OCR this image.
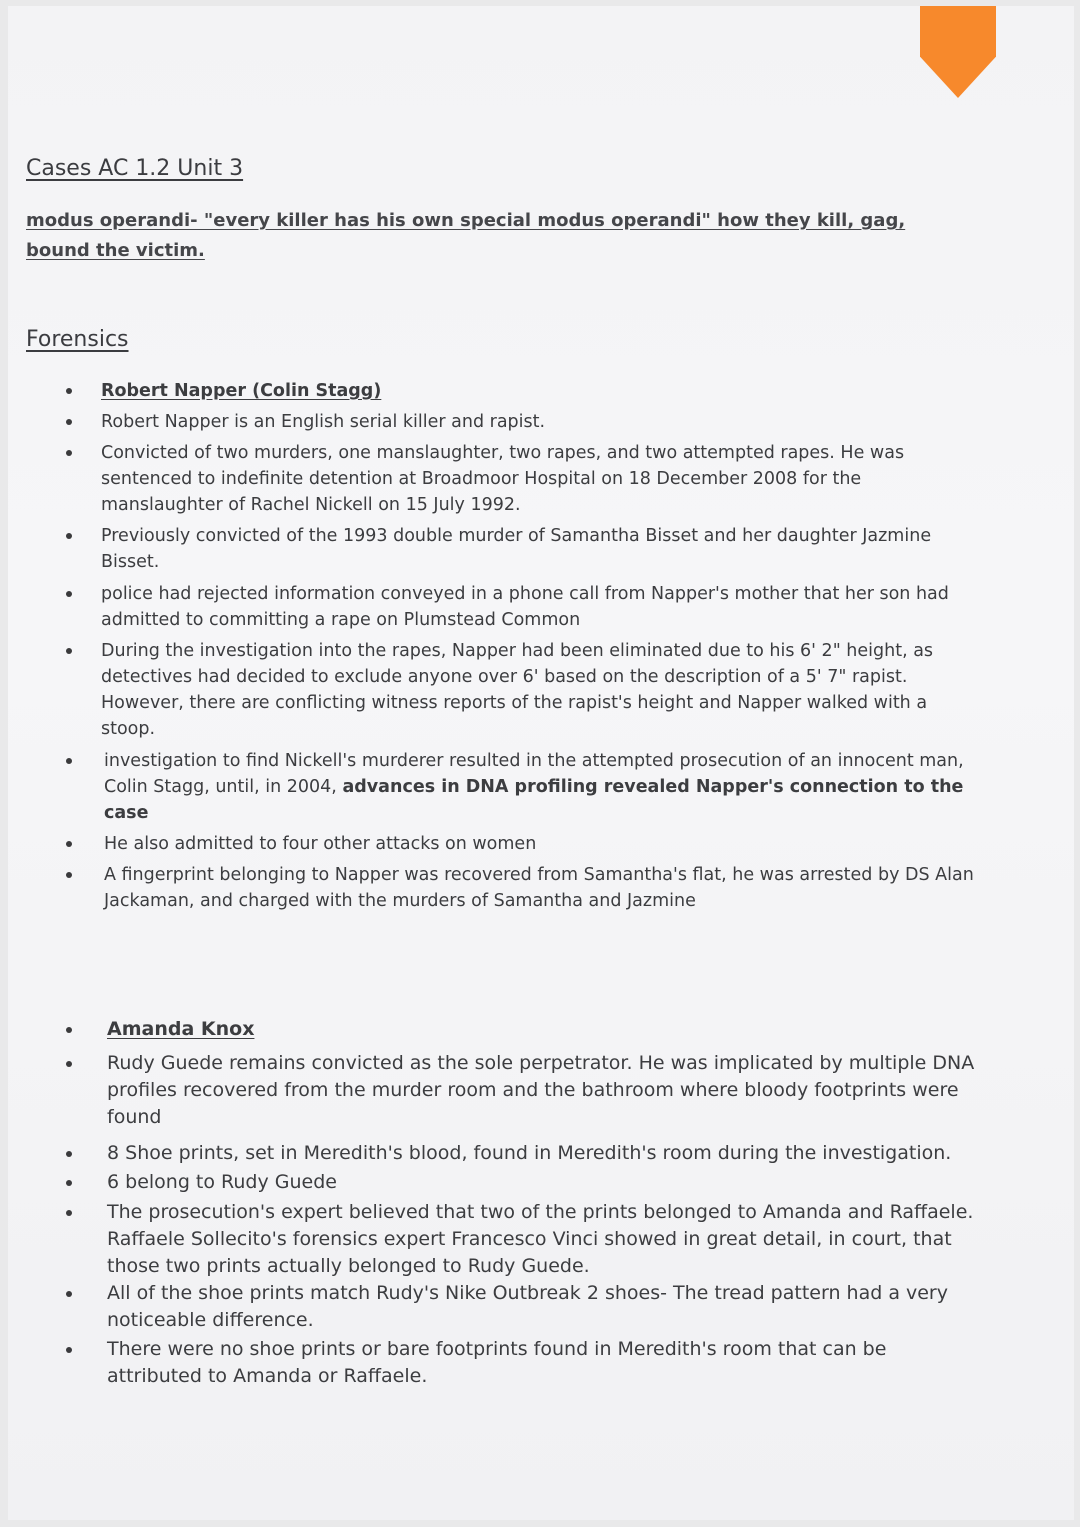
Cases AC 1.2 Unit 3
modus operandi- "every killer has his own special modus operandi" how they kill, gag, bound the victim.
Forensics
Robert Napper (Colin Stagg)
Robert Napper is an English serial killer and rapist.
Convicted of two murders, one manslaughter, two rapes, and two attempted rapes. He was sentenced to indefinite detention at Broadmoor Hospital on 18 December 2008 for the manslaughter of Rachel Nickell on 15 July 1992.
Previously convicted of the 1993 double murder of Samantha Bisset and her daughter Jazmine Bisset.
police had rejected information conveyed in a phone call from Napper's mother that her son had admitted to committing a rape on Plumstead Common
During the investigation into the rapes, Napper had been eliminated due to his 6' 2" height, as detectives had decided to exclude anyone over 6' based on the description of a 5' 7" rapist. However, there are conflicting witness reports of the rapist's height and Napper walked with a stoop.
investigation to find Nickell's murderer resulted in the attempted prosecution of an innocent man, Colin Stagg, until, in 2004, advances in DNA profiling revealed Napper's connection to the case
He also admitted to four other attacks on women
A fingerprint belonging to Napper was recovered from Samantha's flat, he was arrested by DS Alan Jackaman, and charged with the murders of Samantha and Jazmine
Amanda Knox
Rudy Guede remains convicted as the sole perpetrator. He was implicated by multiple DNA profiles recovered from the murder room and the bathroom where bloody footprints were found
8 Shoe prints, set in Meredith's blood, found in Meredith's room during the investigation.
6 belong to Rudy Guede
The prosecution's expert believed that two of the prints belonged to Amanda and Raffaele. Raffaele Sollecito's forensics expert Francesco Vinci showed in great detail, in court, that those two prints actually belonged to Rudy Guede.
All of the shoe prints match Rudy's Nike Outbreak 2 shoes- The tread pattern had a very noticeable difference.
There were no shoe prints or bare footprints found in Meredith's room that can be attributed to Amanda or Raffaele.
